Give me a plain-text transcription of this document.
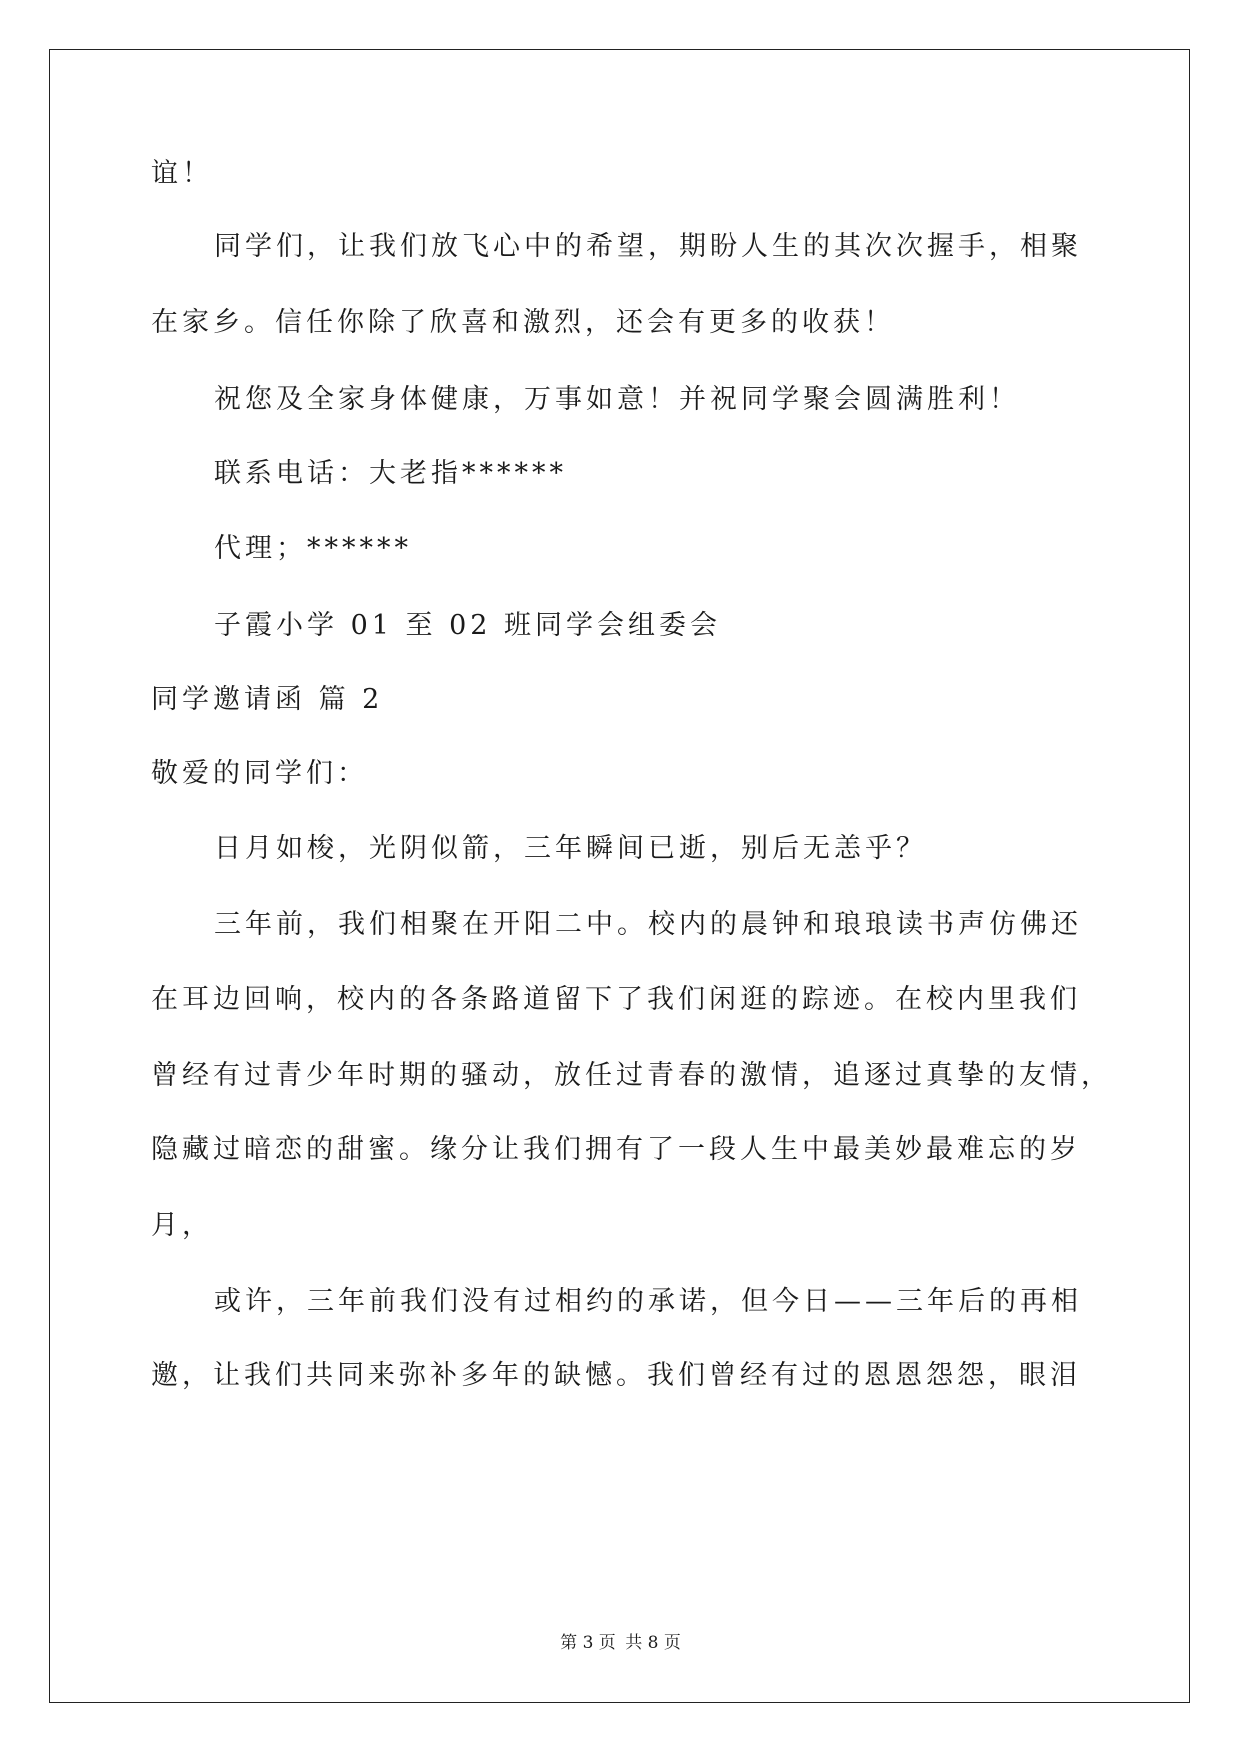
谊！
同学们，让我们放飞心中的希望，期盼人生的其次次握手，相聚
在家乡。信任你除了欣喜和激烈，还会有更多的收获！
祝您及全家身体健康，万事如意！并祝同学聚会圆满胜利！
联系电话：大老指******
代理；******
子霞小学 01 至 02 班同学会组委会
同学邀请函 篇 2
敬爱的同学们：
日月如梭，光阴似箭，三年瞬间已逝，别后无恙乎？
三年前，我们相聚在开阳二中。校内的晨钟和琅琅读书声仿佛还
在耳边回响，校内的各条路道留下了我们闲逛的踪迹。在校内里我们
曾经有过青少年时期的骚动，放任过青春的激情，追逐过真挚的友情，
隐藏过暗恋的甜蜜。缘分让我们拥有了一段人生中最美妙最难忘的岁
月，
或许，三年前我们没有过相约的承诺，但今日——三年后的再相
邀，让我们共同来弥补多年的缺憾。我们曾经有过的恩恩怨怨，眼泪
第 3 页 共 8 页
